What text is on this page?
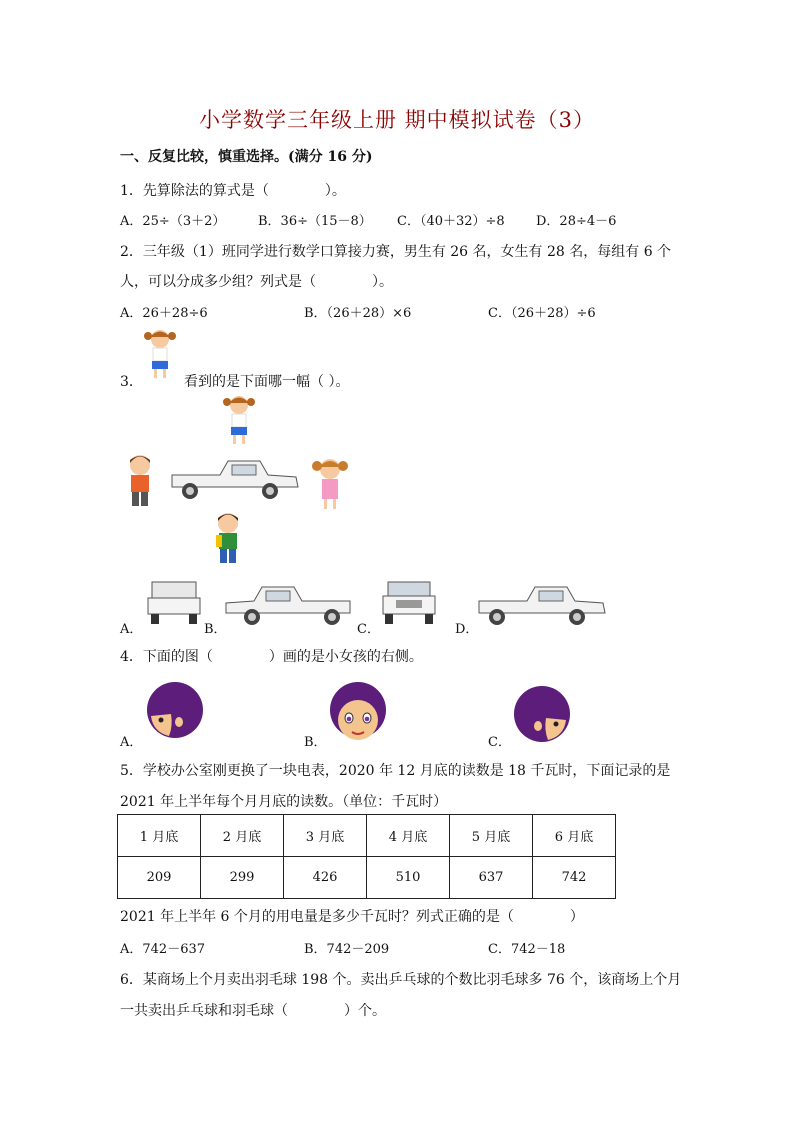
小学数学三年级上册 期中模拟试卷（3）
一、反复比较，慎重选择。(满分 16 分)
1．先算除法的算式是（　　　　）。
A．25÷（3＋2）	B．36÷（15－8） C．（40＋32）÷8 D．28÷4－6
2．三年级（1）班同学进行数学口算接力赛，男生有 26 名，女生有 28 名，每组有 6 个
人，可以分成多少组？列式是（　　　　）。
A．26＋28÷6	B．（26＋28）×6	C．（26＋28）÷6
3．	看到的是下面哪一幅（ ）。
A．	B．	C．	D．
4．下面的图（　　　　）画的是小女孩的右侧。
A．	B．	C．
5．学校办公室刚更换了一块电表，2020 年 12 月底的读数是 18 千瓦时，下面记录的是
2021 年上半年每个月月底的读数。（单位：千瓦时）
1 月底	2 月底	3 月底	4 月底	5 月底	6 月底
209	299	426	510	637	742
2021 年上半年 6 个月的用电量是多少千瓦时？列式正确的是（　　　　）
A．742－637	B．742－209	C．742－18
6．某商场上个月卖出羽毛球 198 个。卖出乒乓球的个数比羽毛球多 76 个，该商场上个月
一共卖出乒乓球和羽毛球（　　　　）个。
